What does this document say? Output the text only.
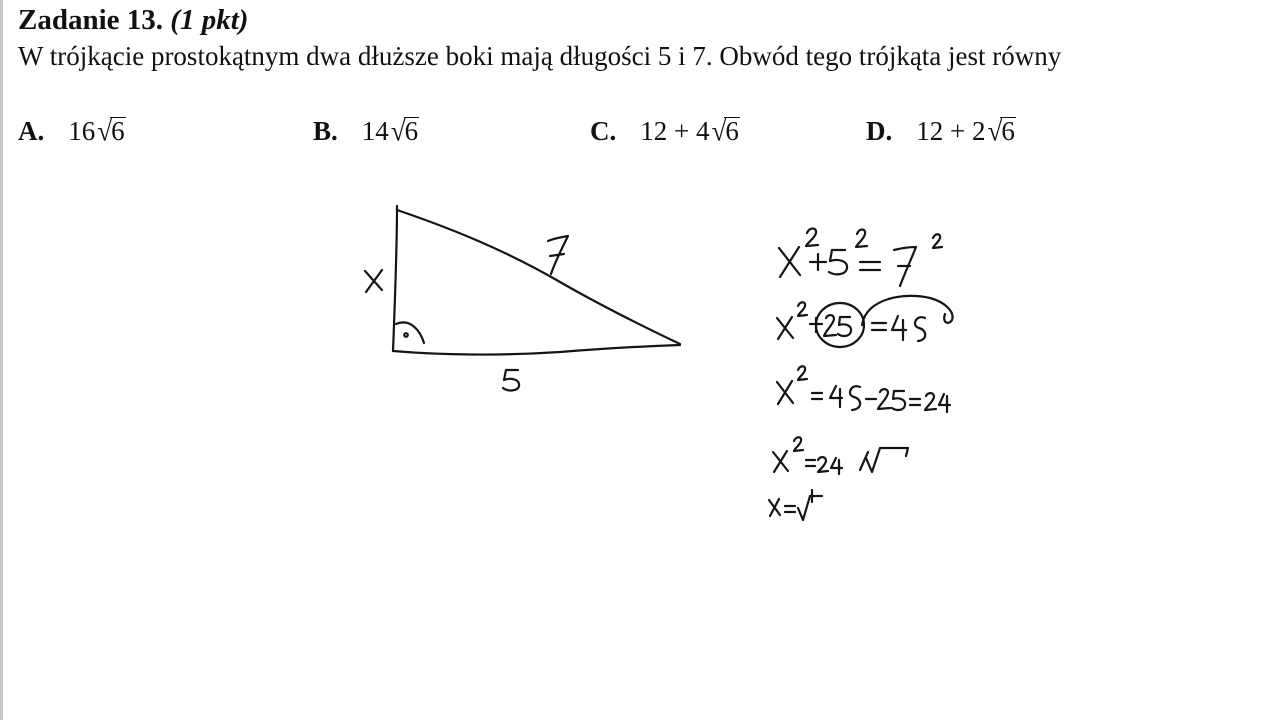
Zadanie 13. (1 pkt)
W trójkącie prostokątnym dwa dłuższe boki mają długości 5 i 7. Obwód tego trójkąta jest równy
A. 16√6	B. 14√6	C. 12 + 4√6	D. 12 + 2√6
